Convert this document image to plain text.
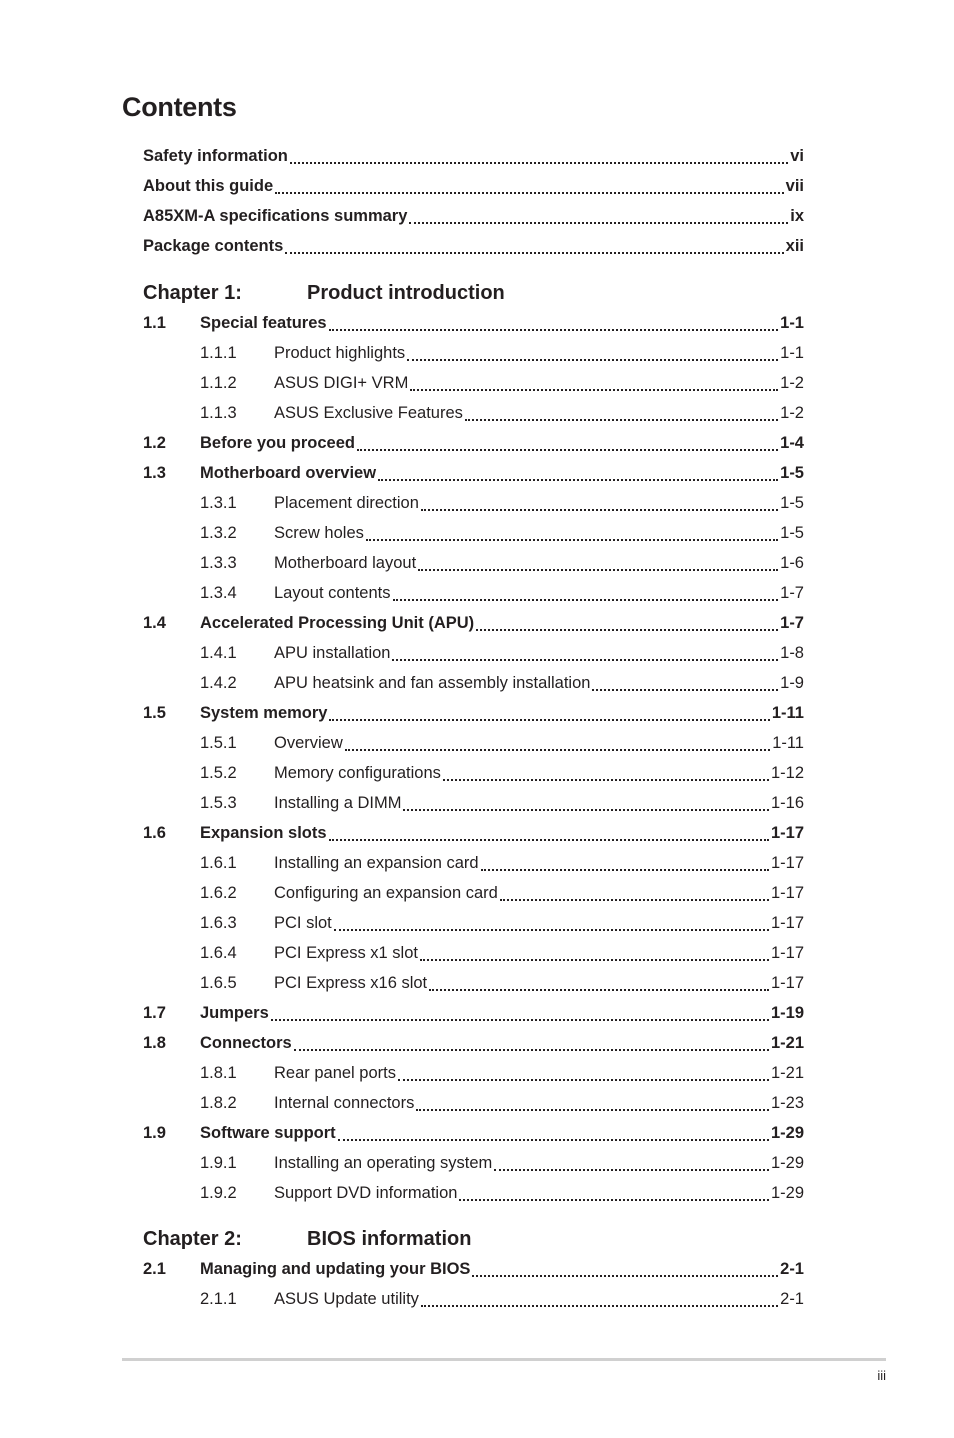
Contents
Safety information	vi
About this guide	vii
A85XM-A specifications summary	ix
Package contents	xii
Chapter 1:	Product introduction
1.1	Special features	1-1
1.1.1	Product highlights	1-1
1.1.2	ASUS DIGI+ VRM	1-2
1.1.3	ASUS Exclusive Features	1-2
1.2	Before you proceed	1-4
1.3	Motherboard overview	1-5
1.3.1	Placement direction	1-5
1.3.2	Screw holes	1-5
1.3.3	Motherboard layout	1-6
1.3.4	Layout contents	1-7
1.4	Accelerated Processing Unit (APU)	1-7
1.4.1	APU installation	1-8
1.4.2	APU heatsink and fan assembly installation	1-9
1.5	System memory	1-11
1.5.1	Overview	1-11
1.5.2	Memory configurations	1-12
1.5.3	Installing a DIMM	1-16
1.6	Expansion slots	1-17
1.6.1	Installing an expansion card	1-17
1.6.2	Configuring an expansion card	1-17
1.6.3	PCI slot	1-17
1.6.4	PCI Express x1 slot	1-17
1.6.5	PCI Express x16 slot	1-17
1.7	Jumpers	1-19
1.8	Connectors	1-21
1.8.1	Rear panel ports	1-21
1.8.2	Internal connectors	1-23
1.9	Software support	1-29
1.9.1	Installing an operating system	1-29
1.9.2	Support DVD information	1-29
Chapter 2:	BIOS information
2.1	Managing and updating your BIOS	2-1
2.1.1	ASUS Update utility	2-1
iii
